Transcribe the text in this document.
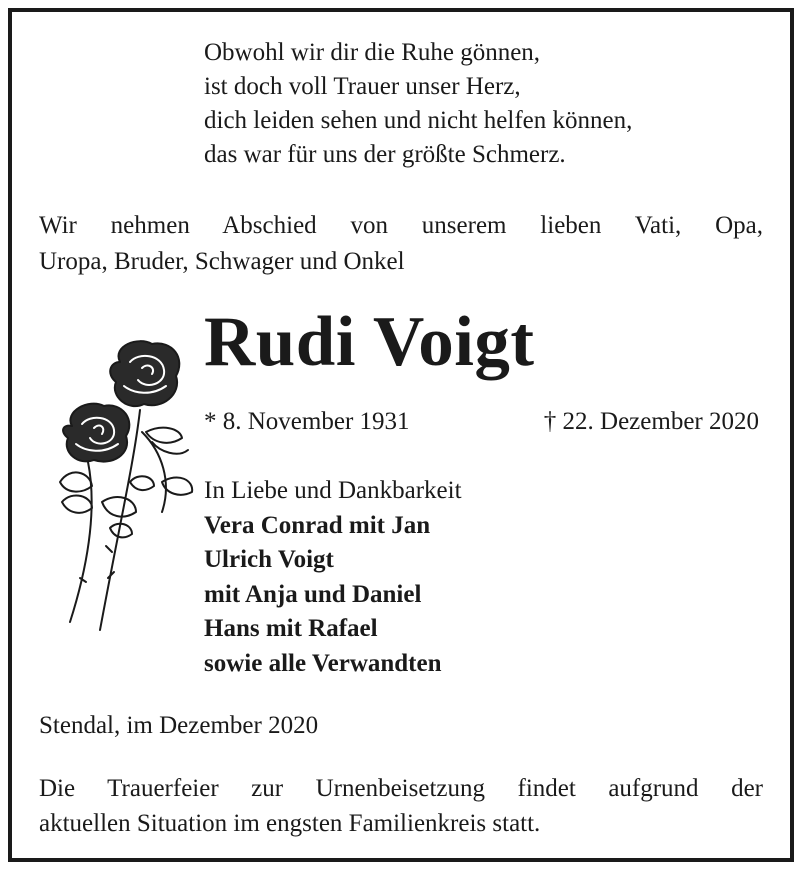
Obwohl wir dir die Ruhe gönnen,
ist doch voll Trauer unser Herz,
dich leiden sehen und nicht helfen können,
das war für uns der größte Schmerz.
Wir nehmen Abschied von unserem lieben Vati, Opa,
Uropa, Bruder, Schwager und Onkel
Rudi Voigt
* 8. November 1931	† 22. Dezember 2020
In Liebe und Dankbarkeit
Vera Conrad mit Jan
Ulrich Voigt
mit Anja und Daniel
Hans mit Rafael
sowie alle Verwandten
Stendal, im Dezember 2020
Die Trauerfeier zur Urnenbeisetzung findet aufgrund der
aktuellen Situation im engsten Familienkreis statt.
